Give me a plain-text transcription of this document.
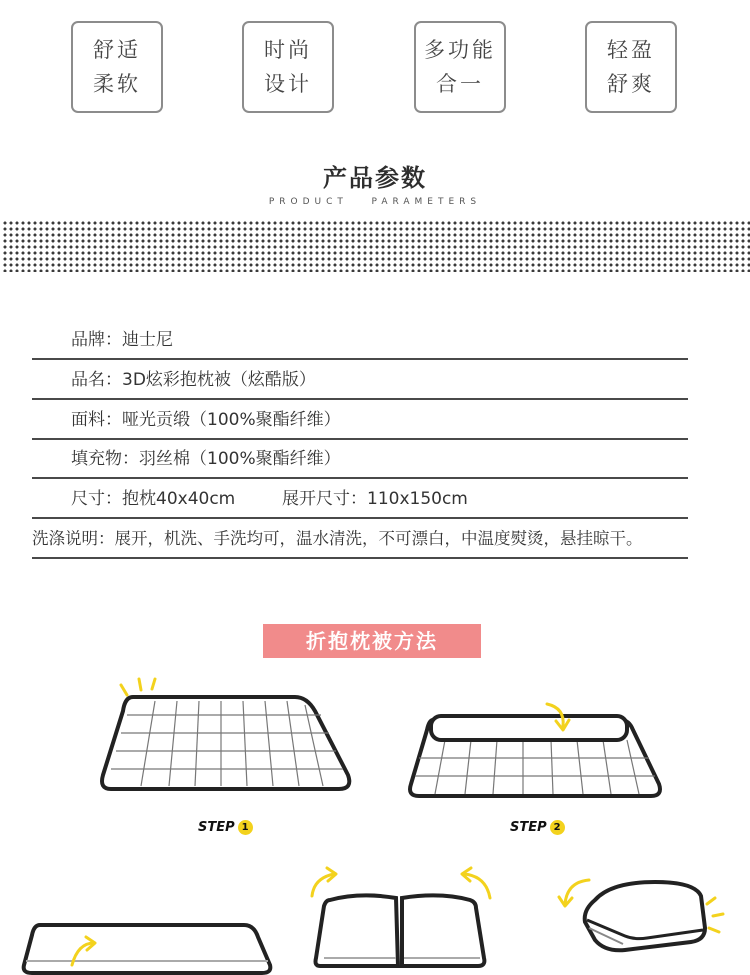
舒适
柔软
时尚
设计
多功能
合一
轻盈
舒爽
产品参数
PRODUCT   PARAMETERS
品牌：迪士尼
品名：3D炫彩抱枕被（炫酷版）
面料：哑光贡缎（100%聚酯纤维）
填充物：羽丝棉（100%聚酯纤维）
尺寸：抱枕40x40cm	展开尺寸：110x150cm
洗涤说明：展开，机洗、手洗均可，温水清洗，不可漂白，中温度熨烫，悬挂晾干。
折抱枕被方法
STEP 1	STEP 2
